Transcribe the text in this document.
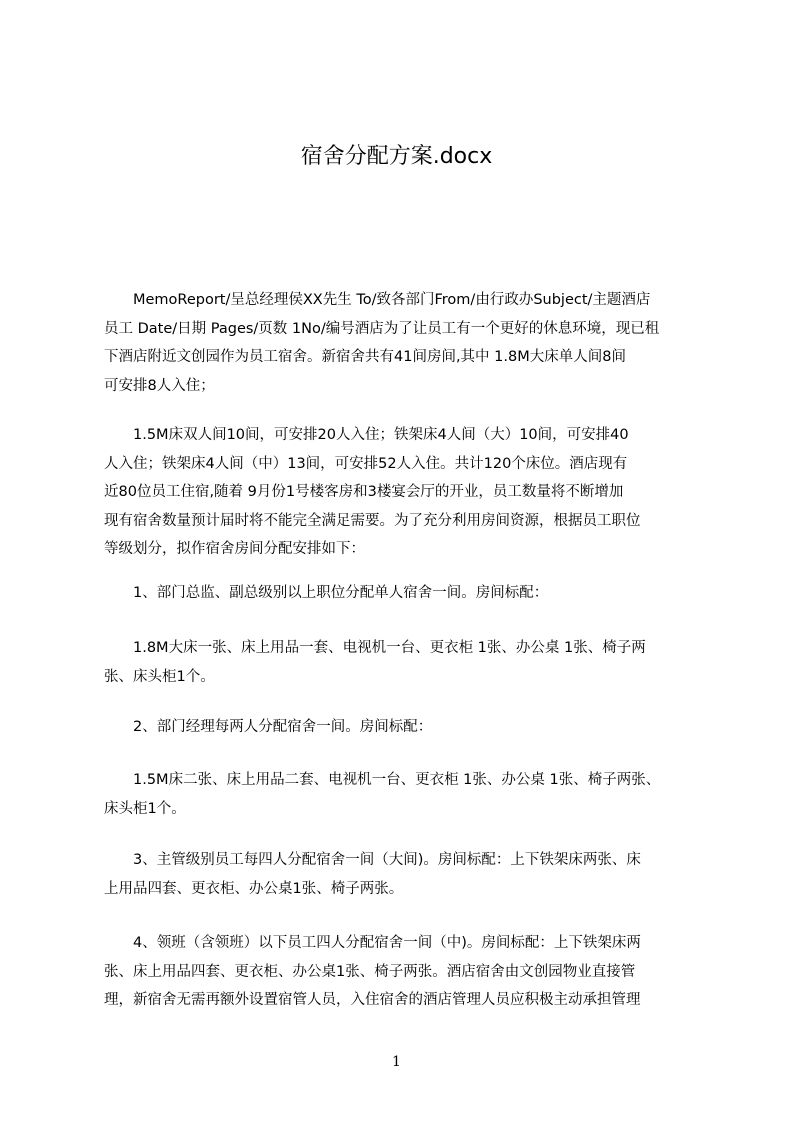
宿舍分配方案.docx

　　MemoReport/呈总经理侯XX先生 To/致各部门From/由行政办Subject/主题酒店
员工 Date/日期 Pages/页数 1No/编号酒店为了让员工有一个更好的休息环境，现已租
下酒店附近文创园作为员工宿舍。新宿舍共有41间房间,其中 1.8M大床单人间8间
可安排8人入住；

　　1.5M床双人间10间，可安排20人入住；铁架床4人间（大）10间，可安排40
人入住；铁架床4人间（中）13间，可安排52人入住。共计120个床位。酒店现有
近80位员工住宿,随着 9月份1号楼客房和3楼宴会厅的开业，员工数量将不断增加
现有宿舍数量预计届时将不能完全满足需要。为了充分利用房间资源，根据员工职位
等级划分，拟作宿舍房间分配安排如下：

　　1、部门总监、副总级别以上职位分配单人宿舍一间。房间标配：

　　1.8M大床一张、床上用品一套、电视机一台、更衣柜 1张、办公桌 1张、椅子两
张、床头柜1个。

　　2、部门经理每两人分配宿舍一间。房间标配：

　　1.5M床二张、床上用品二套、电视机一台、更衣柜 1张、办公桌 1张、椅子两张、
床头柜1个。

　　3、主管级别员工每四人分配宿舍一间（大间)。房间标配：上下铁架床两张、床
上用品四套、更衣柜、办公桌1张、椅子两张。

　　4、领班（含领班）以下员工四人分配宿舍一间（中)。房间标配：上下铁架床两
张、床上用品四套、更衣柜、办公桌1张、椅子两张。酒店宿舍由文创园物业直接管
理，新宿舍无需再额外设置宿管人员，入住宿舍的酒店管理人员应积极主动承担管理

1
